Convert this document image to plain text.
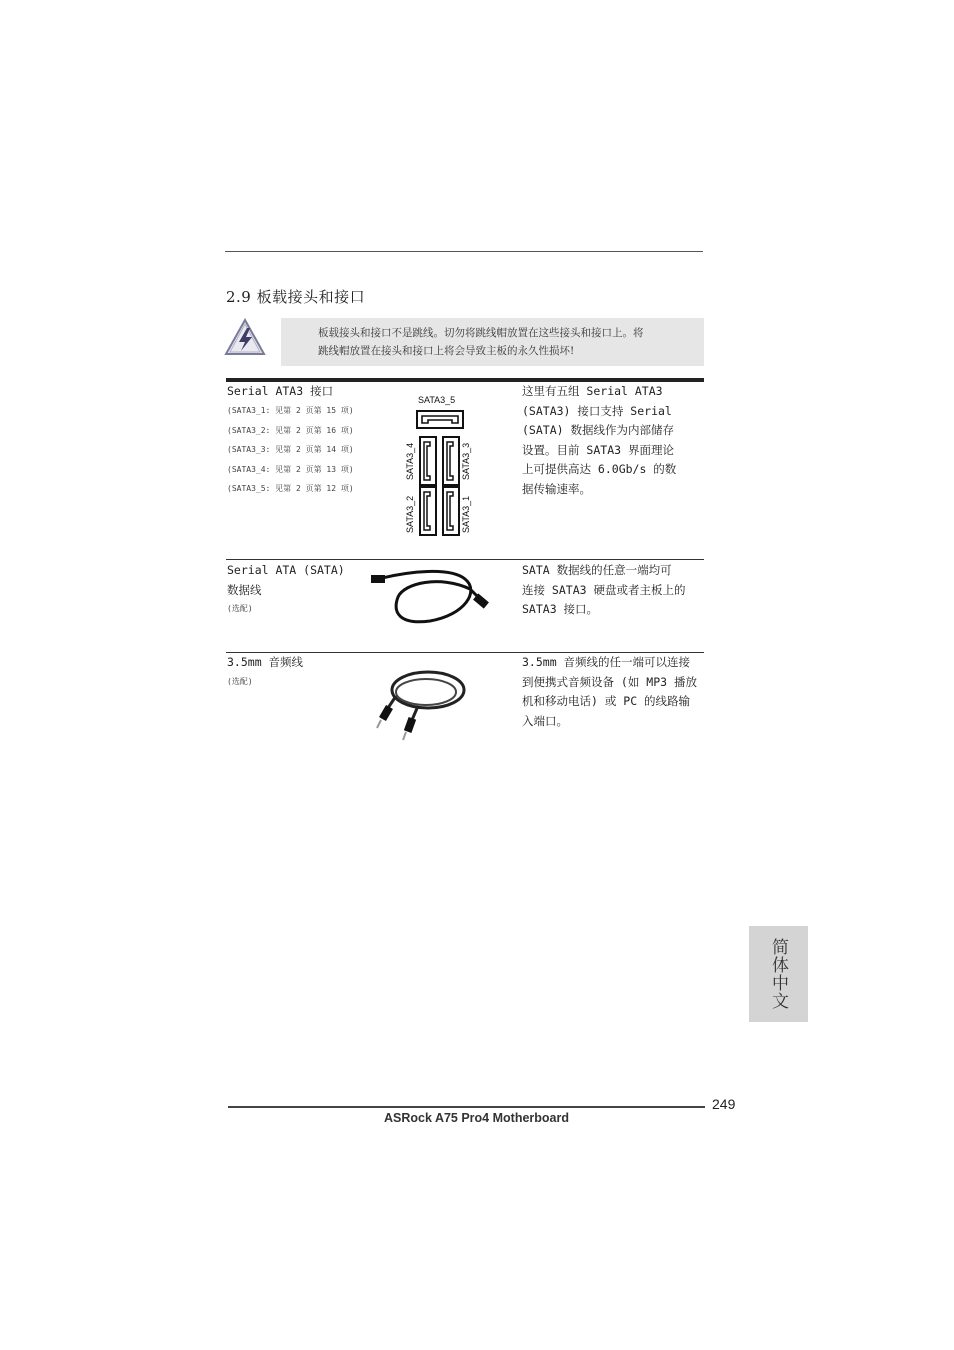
2.9 板载接头和接口
板载接头和接口不是跳线。切勿将跳线帽放置在这些接头和接口上。将
跳线帽放置在接头和接口上将会导致主板的永久性损坏!
Serial ATA3 接口
(SATA3_1: 见第 2 页第 15 项)
(SATA3_2: 见第 2 页第 16 项)
(SATA3_3: 见第 2 页第 14 项)
(SATA3_4: 见第 2 页第 13 项)
(SATA3_5: 见第 2 页第 12 项)
SATA3_5
SATA3_4
SATA3_2
SATA3_3
SATA3_1
这里有五组 Serial ATA3
(SATA3) 接口支持 Serial
(SATA) 数据线作为内部储存
设置。目前 SATA3 界面理论
上可提供高达 6.0Gb/s 的数
据传输速率。
Serial ATA (SATA)
数据线
(选配)
SATA 数据线的任意一端均可
连接 SATA3 硬盘或者主板上的
SATA3 接口。
3.5mm 音频线
(选配)
3.5mm 音频线的任一端可以连接
到便携式音频设备 (如 MP3 播放
机和移动电话) 或 PC 的线路输
入端口。
简体中文
249
ASRock A75 Pro4 Motherboard
